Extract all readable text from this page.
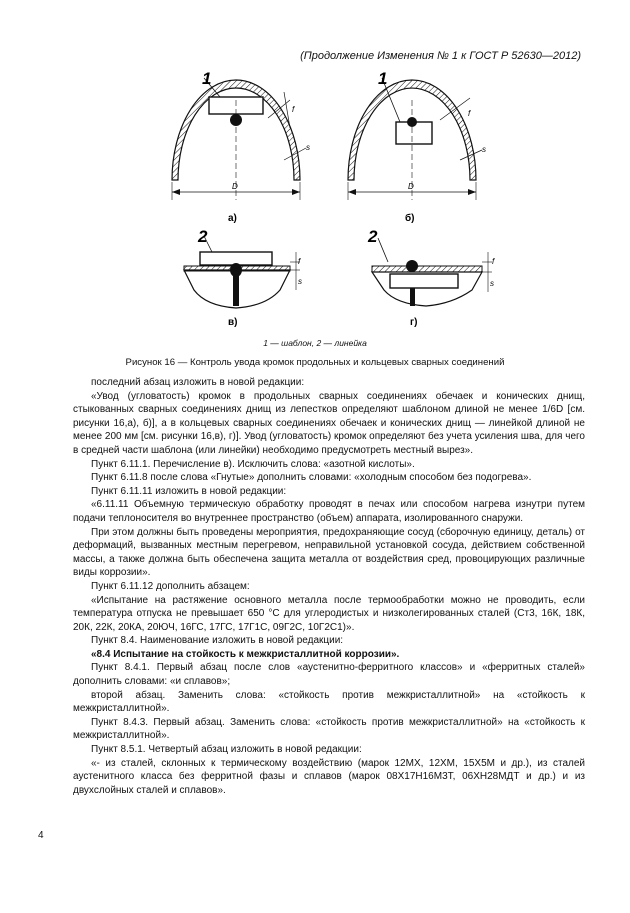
(Продолжение Изменения № 1 к ГОСТ Р 52630—2012)
1
f
s
D
а)
1
f
s
D
б)
2
f
s
в)
2
f
s
г)
1 — шаблон, 2 — линейка
Рисунок 16 — Контроль увода кромок продольных и кольцевых сварных соединений

последний абзац изложить в новой редакции:

«Увод (угловатость) кромок в продольных сварных соединениях обечаек и конических днищ, стыкованных сварных соединениях днищ из лепестков определяют шаблоном длиной не менее 1/6D [см. рисунки 16,а), б)], а в кольцевых сварных соединениях обечаек и конических днищ — линейкой длиной не менее 200 мм [см. рисунки 16,в), г)]. Увод (угловатость) кромок определяют без учета усиления шва, для чего в средней части шаблона (или линейки) необходимо предусмотреть местный вырез».

Пункт 6.11.1. Перечисление в). Исключить слова: «азотной кислоты».

Пункт 6.11.8 после слова «Гнутые» дополнить словами: «холодным способом без подогрева».

Пункт 6.11.11 изложить в новой редакции:

«6.11.11 Объемную термическую обработку проводят в печах или способом нагрева изнутри путем подачи теплоносителя во внутреннее пространство (объем) аппарата, изолированного снаружи.

При этом должны быть проведены мероприятия, предохраняющие сосуд (сборочную единицу, деталь) от деформаций, вызванных местным перегревом, неправильной установкой сосуда, действием собственной массы, а также должна быть обеспечена защита металла от воздействия сред, провоцирующих различные виды коррозии».

Пункт 6.11.12 дополнить абзацем:

«Испытание на растяжение основного металла после термообработки можно не проводить, если температура отпуска не превышает 650 °С для углеродистых и низколегированных сталей (Ст3, 16К, 18К, 20К, 22К, 20КА, 20ЮЧ, 16ГС, 17ГС, 17Г1С, 09Г2С, 10Г2С1)».

Пункт 8.4. Наименование изложить в новой редакции:

«8.4 Испытание на стойкость к межкристаллитной коррозии».

Пункт 8.4.1. Первый абзац после слов «аустенитно-ферритного классов» и «ферритных сталей» дополнить словами: «и сплавов»;

второй абзац. Заменить слова: «стойкость против межкристаллитной» на «стойкость к межкристаллитной».

Пункт 8.4.3. Первый абзац. Заменить слова: «стойкость против межкристаллитной» на «стойкость к межкристаллитной».

Пункт 8.5.1. Четвертый абзац изложить в новой редакции:

«- из сталей, склонных к термическому воздействию (марок 12МХ, 12ХМ, 15Х5М и др.), из сталей аустенитного класса без ферритной фазы и сплавов (марок 08Х17Н16М3Т, 06ХН28МДТ и др.) и из двухслойных сталей и сплавов».

4
